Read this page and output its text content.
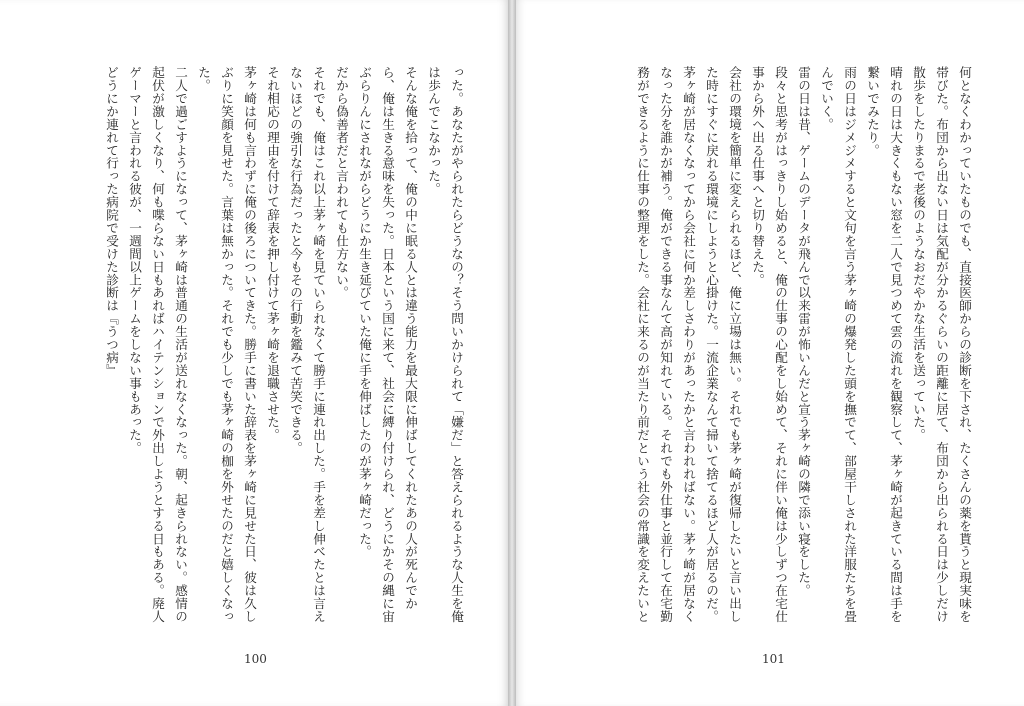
った。あなたがやられたらどうなの？そう問いかけられて「嫌だ」と答えられるような人生を俺は歩んでこなかった。

そんな俺を拾って、俺の中に眠る人とは違う能力を最大限に伸ばしてくれたあの人が死んでから、俺は生きる意味を失った。日本という国に来て、社会に縛り付けられ、どうにかその縄に宙ぶらりんにされながらどうにか生き延びていた俺に手を伸ばしたのが茅ヶ崎だった。

だから偽善者だと言われても仕方ない。

それでも、俺はこれ以上茅ヶ崎を見ていられなくて勝手に連れ出した。手を差し伸べたとは言えないほどの強引な行為だったと今もその行動を鑑みて苦笑できる。

それ相応の理由を付けて辞表を押し付けて茅ヶ崎を退職させた。

茅ヶ崎は何も言わずに俺の後ろについてきた。勝手に書いた辞表を茅ヶ崎に見せた日、彼は久しぶりに笑顔を見せた。言葉は無かった。それでも少しでも茅ヶ崎の枷を外せたのだと嬉しくなった。

二人で過ごすようになって、茅ヶ崎は普通の生活が送れなくなった。朝、起きられない。感情の起伏が激しくなり、何も喋らない日もあればハイテンションで外出しようとする日もある。廃人ゲーマーと言われる彼が、一週間以上ゲームをしない事もあった。

どうにか連れて行った病院で受けた診断は『うつ病』

100

何となくわかっていたものでも、直接医師からの診断を下され、たくさんの薬を貰うと現実味を帯びた。布団から出ない日は気配が分かるぐらいの距離に居て、布団から出られる日は少しだけ散歩をしたりまるで老後のようなおだやかな生活を送っていた。

晴れの日は大きくもない窓を二人で見つめて雲の流れを観察して、茅ヶ崎が起きている間は手を繋いでみたり。

雨の日はジメジメすると文句を言う茅ヶ崎の爆発した頭を撫でて、部屋干しされた洋服たちを畳んでいく。

雷の日は昔、ゲームのデータが飛んで以来雷が怖いんだと宣う茅ヶ崎の隣で添い寝をした。

段々と思考がはっきりし始めると、俺の仕事の心配をし始めて、それに伴い俺は少しずつ在宅仕事から外へ出る仕事へと切り替えた。

会社の環境を簡単に変えられるほど、俺に立場は無い。それでも茅ヶ崎が復帰したいと言い出した時にすぐに戻れる環境にしようと心掛けた。一流企業なんて掃いて捨てるほど人が居るのだ。茅ヶ崎が居なくなってから会社に何か差しさわりがあったかと言われればない。茅ヶ崎が居なくなった分を誰かが補う。俺ができる事なんて高が知れている。それでも外仕事と並行して在宅勤務ができるように仕事の整理をした。会社に来るのが当たり前だという社会の常識を変えたいと

101
